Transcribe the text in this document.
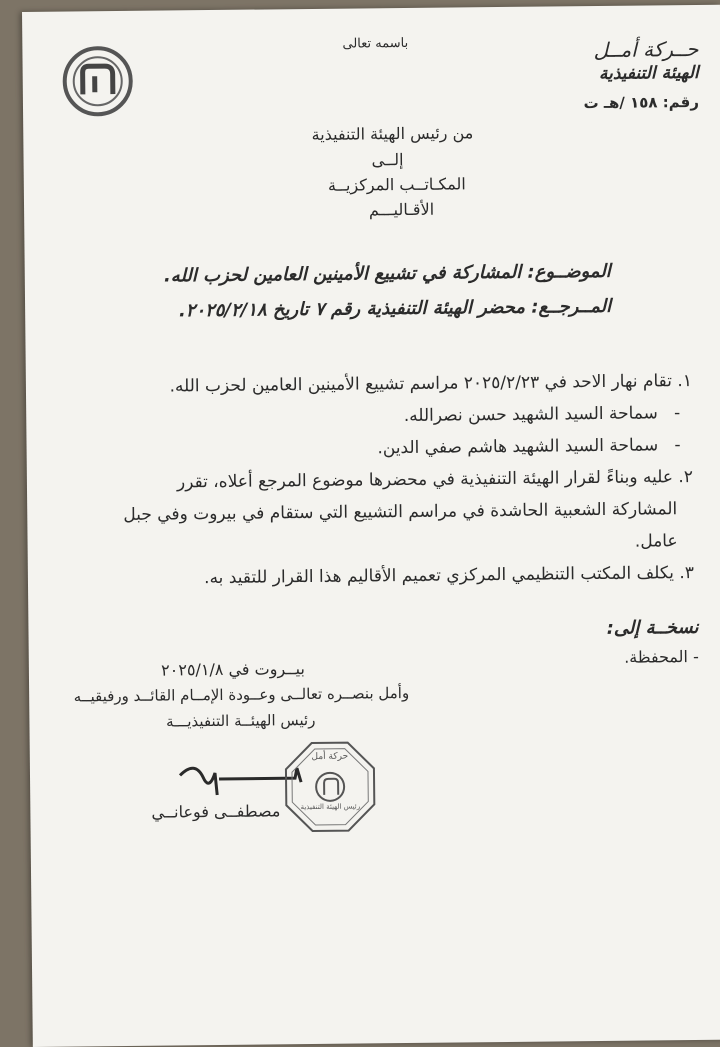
باسمه تعالى	حــركة أمــل
الهيئة التنفيذية
رقم: ١٥٨ /هـ ت
من رئيس الهيئة التنفيذية
إلــى
المكـاتــب المركزيــة
الأقـاليـــم
الموضــوع: المشاركة في تشييع الأمينين العامين لحزب الله.
المــرجــع: محضر الهيئة التنفيذية رقم ٧ تاريخ ٢٠٢٥/٢/١٨.
١. تقام نهار الاحد في ٢٠٢٥/٢/٢٣ مراسم تشييع الأمينين العامين لحزب الله.
-   سماحة السيد الشهيد حسن نصرالله.
-   سماحة السيد الشهيد هاشم صفي الدين.
٢. عليه وبناءً لقرار الهيئة التنفيذية في محضرها موضوع المرجع أعلاه، تقرر
المشاركة الشعبية الحاشدة في مراسم التشييع التي ستقام في بيروت وفي جبل
عامل.
٣. يكلف المكتب التنظيمي المركزي تعميم الأقاليم هذا القرار للتقيد به.
نسخــة إلى:
- المحفظة.
بيــروت في ٢٠٢٥/١/٨
وأمل بنصــره تعالــى وعــودة الإمــام القائــد ورفيقيــه
رئيس الهيئــة التنفيذيـــة
حركة أمل
رئيس الهيئة التنفيذية
مصطفــى فوعانــي
